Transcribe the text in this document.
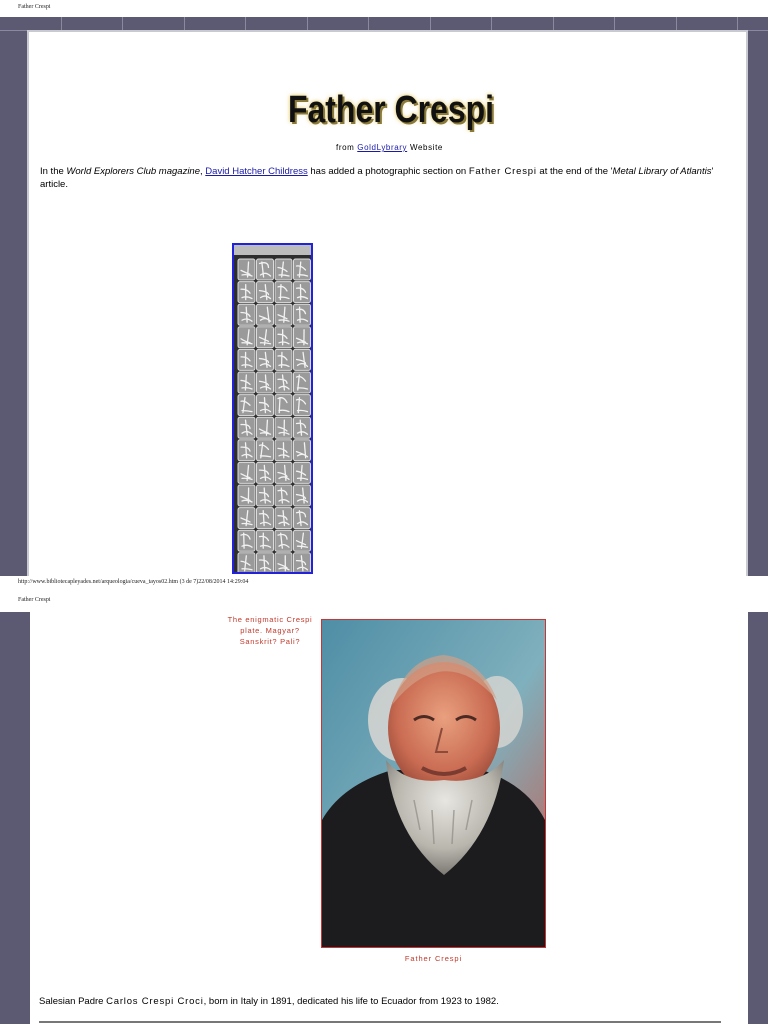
Father Crespi
Father Crespi
Father Crespi
Father Crespi
from GoldLybrary Website

In the World Explorers Club magazine, David Hatcher Childress has added a photographic section on Father Crespi at the end of the 'Metal Library of Atlantis' article.

http://www.bibliotecapleyades.net/arqueologia/cueva_tayos02.htm (3 de 7)22/08/2014 14:29:04
Father Crespi
The enigmatic Crespi plate. Magyar? Sanskrit? Pali?
Father Crespi

Salesian Padre Carlos Crespi Croci, born in Italy in 1891, dedicated his life to Ecuador from 1923 to 1982.
